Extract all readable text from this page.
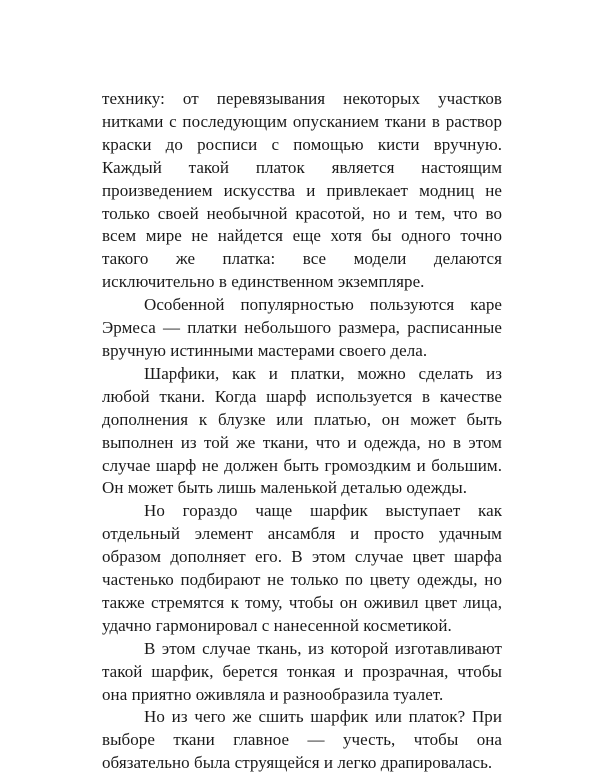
технику: от перевязывания некоторых участков нитками с последующим опусканием ткани в раствор краски до росписи с помощью кисти вручную. Каждый такой платок является настоящим произведением искусства и привлекает модниц не только своей необычной красотой, но и тем, что во всем мире не найдется еще хотя бы одного точно такого же платка: все модели делаются исключительно в единственном экземпляре.

Особенной популярностью пользуются каре Эрмеса — платки небольшого размера, расписанные вручную истинными мастерами своего дела.

Шарфики, как и платки, можно сделать из любой ткани. Когда шарф используется в качестве дополнения к блузке или платью, он может быть выполнен из той же ткани, что и одежда, но в этом случае шарф не должен быть громоздким и большим. Он может быть лишь маленькой деталью одежды.

Но гораздо чаще шарфик выступает как отдельный элемент ансамбля и просто удачным образом дополняет его. В этом случае цвет шарфа частенько подбирают не только по цвету одежды, но также стремятся к тому, чтобы он оживил цвет лица, удачно гармонировал с нанесенной косметикой.

В этом случае ткань, из которой изготавливают такой шарфик, берется тонкая и прозрачная, чтобы она приятно оживляла и разнообразила туалет.

Но из чего же сшить шарфик или платок? При выборе ткани главное — учесть, чтобы она обязательно была струящейся и легко драпировалась.
